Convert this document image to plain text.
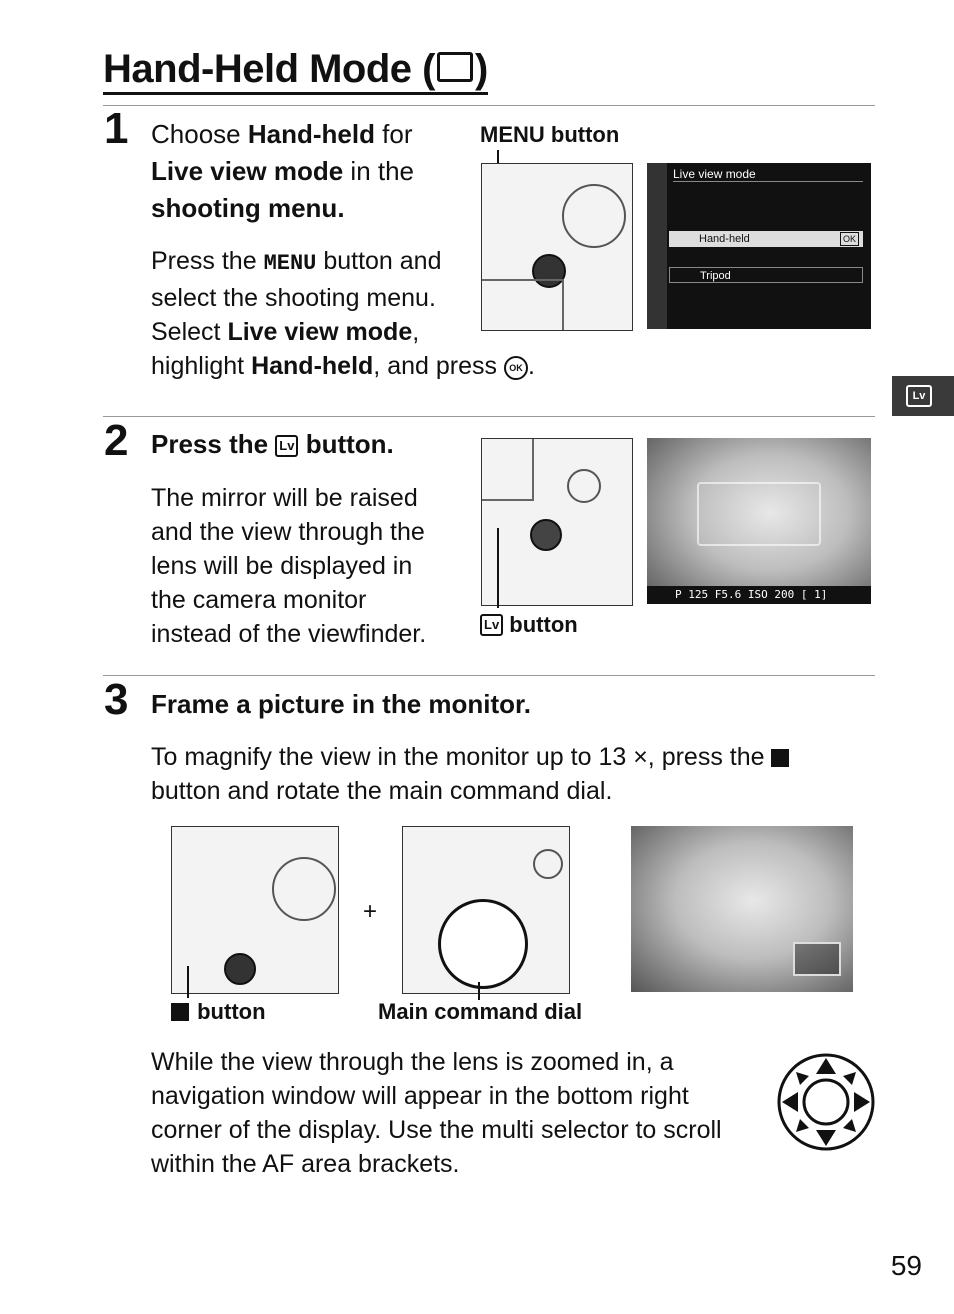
Hand-Held Mode ( )
Lv
1 Choose Hand-held for
Live view mode in the
shooting menu.
Press the MENU button and
select the shooting menu.
Select Live view mode,
highlight Hand-held, and press OK .
MENU button
Live view mode
Hand-held	OK
Tripod
2 Press the Lv button.
The mirror will be raised
and the view through the
lens will be displayed in
the camera monitor
instead of the viewfinder.	Lv button
P 125 F5.6 ISO 200 [ 1]
3 Frame a picture in the monitor.
To magnify the view in the monitor up to 13 ×, press the
button and rotate the main command dial.
+
button	Main command dial
While the view through the lens is zoomed in, a
navigation window will appear in the bottom right
corner of the display. Use the multi selector to scroll
within the AF area brackets.
59
